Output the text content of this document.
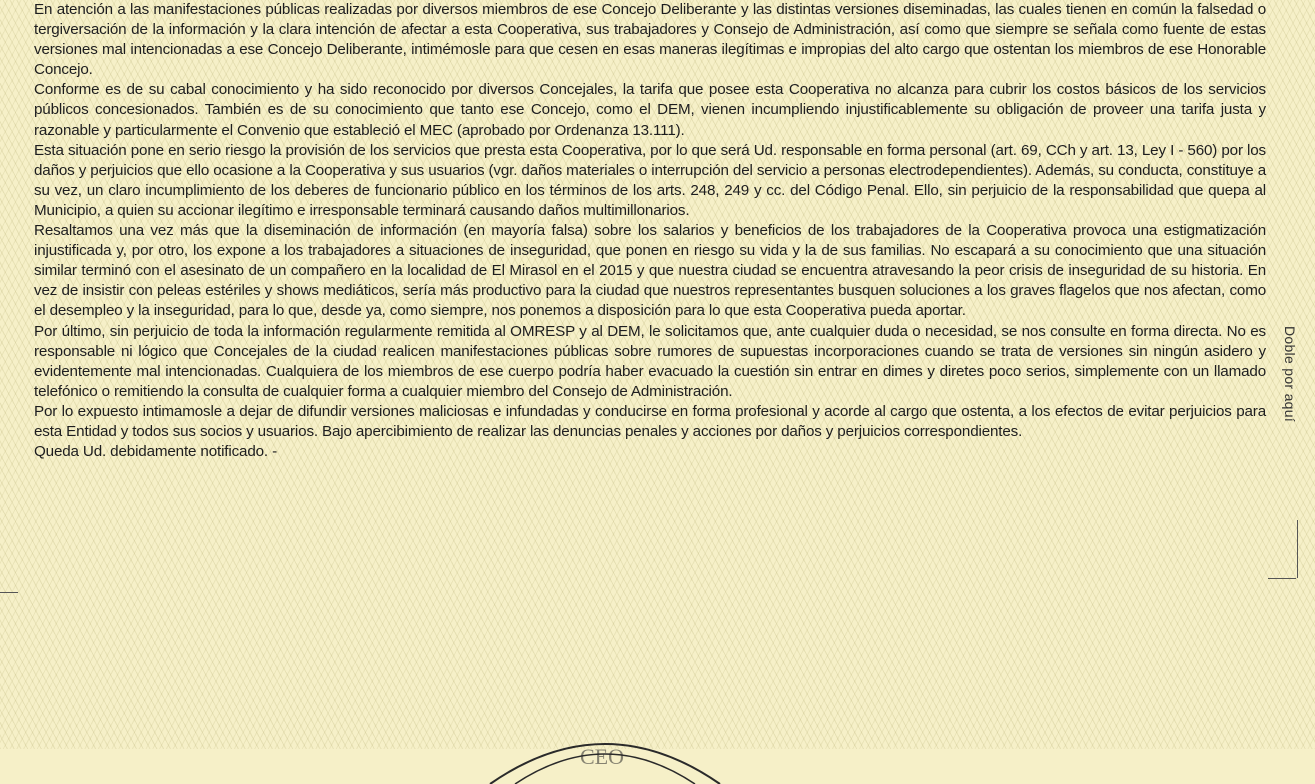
En atención a las manifestaciones públicas realizadas por diversos miembros de ese Concejo Deliberante y las distintas versiones diseminadas, las cuales tienen en común la falsedad o tergiversación de la información y la clara intención de afectar a esta Cooperativa, sus trabajadores y Consejo de Administración, así como que siempre se señala como fuente de estas versiones mal intencionadas a ese Concejo Deliberante, intimémosle para que cesen en esas maneras ilegítimas e impropias del alto cargo que ostentan los miembros de ese Honorable Concejo.

Conforme es de su cabal conocimiento y ha sido reconocido por diversos Concejales, la tarifa que posee esta Cooperativa no alcanza para cubrir los costos básicos de los servicios públicos concesionados. También es de su conocimiento que tanto ese Concejo, como el DEM, vienen incumpliendo injustificablemente su obligación de proveer una tarifa justa y razonable y particularmente el Convenio que estableció el MEC (aprobado por Ordenanza 13.111).

Esta situación pone en serio riesgo la provisión de los servicios que presta esta Cooperativa, por lo que será Ud. responsable en forma personal (art. 69, CCh y art. 13, Ley I - 560) por los daños y perjuicios que ello ocasione a la Cooperativa y sus usuarios (vgr. daños materiales o interrupción del servicio a personas electrodependientes). Además, su conducta, constituye a su vez, un claro incumplimiento de los deberes de funcionario público en los términos de los arts. 248, 249 y cc. del Código Penal. Ello, sin perjuicio de la responsabilidad que quepa al Municipio, a quien su accionar ilegítimo e irresponsable terminará causando daños multimillonarios.

Resaltamos una vez más que la diseminación de información (en mayoría falsa) sobre los salarios y beneficios de los trabajadores de la Cooperativa provoca una estigmatización injustificada y, por otro, los expone a los trabajadores a situaciones de inseguridad, que ponen en riesgo su vida y la de sus familias. No escapará a su conocimiento que una situación similar terminó con el asesinato de un compañero en la localidad de El Mirasol en el 2015 y que nuestra ciudad se encuentra atravesando la peor crisis de inseguridad de su historia. En vez de insistir con peleas estériles y shows mediáticos, sería más productivo para la ciudad que nuestros representantes busquen soluciones a los graves flagelos que nos afectan, como el desempleo y la inseguridad, para lo que, desde ya, como siempre, nos ponemos a disposición para lo que esta Cooperativa pueda aportar.

Por último, sin perjuicio de toda la información regularmente remitida al OMRESP y al DEM, le solicitamos que, ante cualquier duda o necesidad, se nos consulte en forma directa. No es responsable ni lógico que Concejales de la ciudad realicen manifestaciones públicas sobre rumores de supuestas incorporaciones cuando se trata de versiones sin ningún asidero y evidentemente mal intencionadas. Cualquiera de los miembros de ese cuerpo podría haber evacuado la cuestión sin entrar en dimes y diretes poco serios, simplemente con un llamado telefónico o remitiendo la consulta de cualquier forma a cualquier miembro del Consejo de Administración.

Por lo expuesto intimamosle a dejar de difundir versiones maliciosas e infundadas y conducirse en forma profesional y acorde al cargo que ostenta, a los efectos de evitar perjuicios para esta Entidad y todos sus socios y usuarios. Bajo apercibimiento de realizar las denuncias penales y acciones por daños y perjuicios correspondientes.

Queda Ud. debidamente notificado. -

Doble por aquí
CEO
